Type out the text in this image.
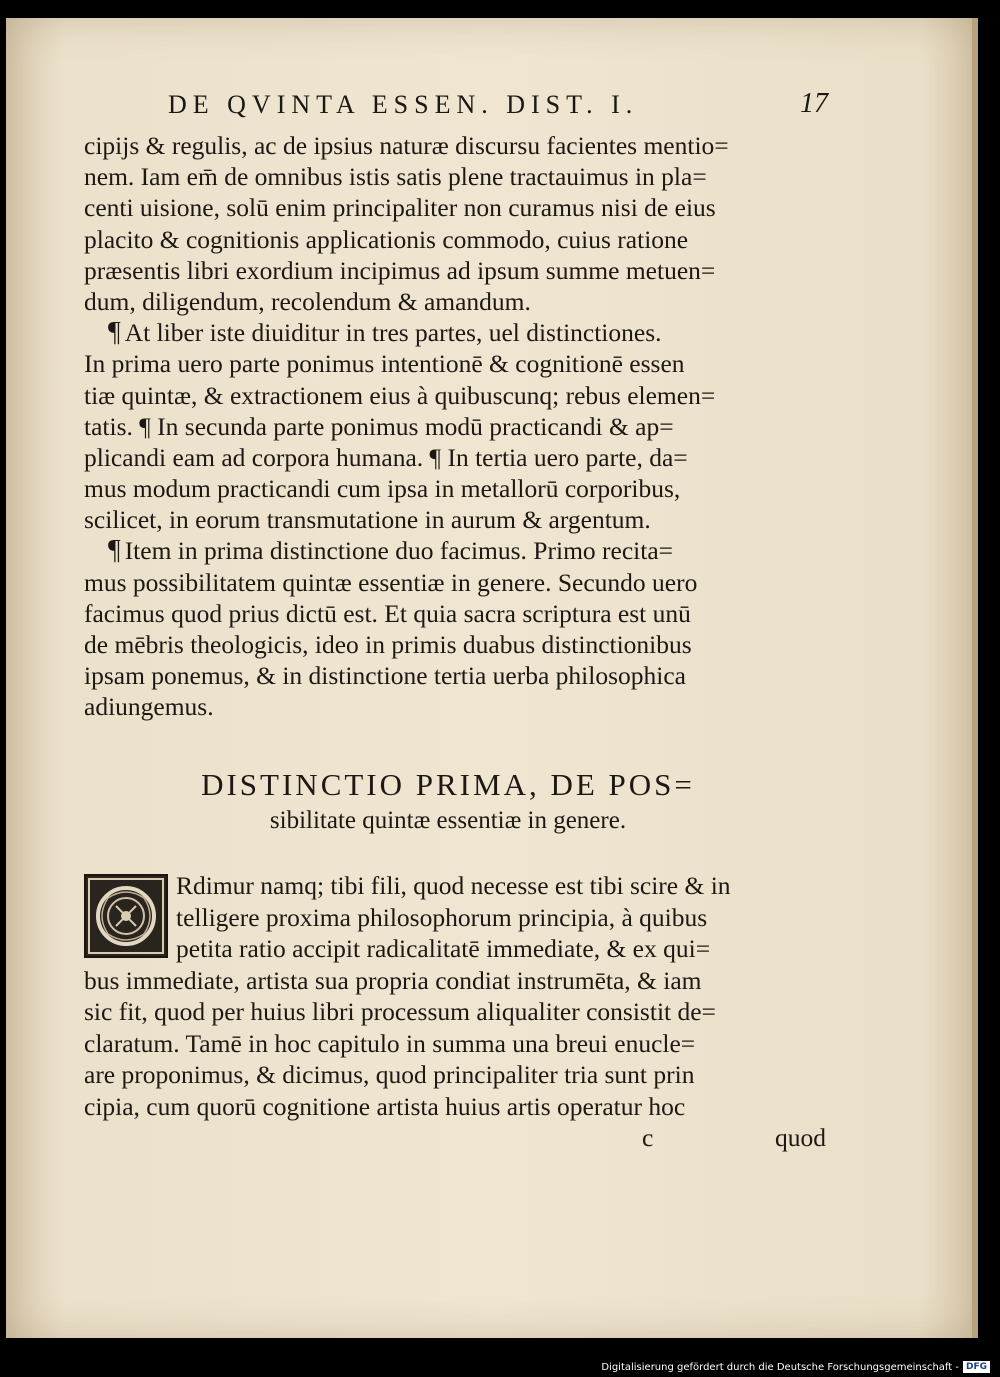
DE QVINTA ESSEN. DIST. I.	17
cipijs & regulis, ac de ipsius naturæ discursu facientes mentio=
nem. Iam em̄ de omnibus istis satis plene tractauimus in pla=
centi uisione, solū enim principaliter non curamus nisi de eius
placito & cognitionis applicationis commodo, cuius ratione
præsentis libri exordium incipimus ad ipsum summe metuen=
dum, diligendum, recolendum & amandum.
¶ At liber iste diuiditur in tres partes, uel distinctiones.
In prima uero parte ponimus intentionē & cognitionē essen
tiæ quintæ, & extractionem eius à quibuscunq; rebus elemen=
tatis. ¶ In secunda parte ponimus modū practicandi & ap=
plicandi eam ad corpora humana. ¶ In tertia uero parte, da=
mus modum practicandi cum ipsa in metallorū corporibus,
scilicet, in eorum transmutatione in aurum & argentum.
¶ Item in prima distinctione duo facimus. Primo recita=
mus possibilitatem quintæ essentiæ in genere. Secundo uero
facimus quod prius dictū est. Et quia sacra scriptura est unū
de mēbris theologicis, ideo in primis duabus distinctionibus
ipsam ponemus, & in distinctione tertia uerba philosophica
adiungemus.
DISTINCTIO PRIMA, DE POS=
sibilitate quintæ essentiæ in genere.
Rdimur namq; tibi fili, quod necesse est tibi scire & in
telligere proxima philosophorum principia, à quibus
petita ratio accipit radicalitatē immediate, & ex qui=
bus immediate, artista sua propria condiat instrumēta, & iam
sic fit, quod per huius libri processum aliqualiter consistit de=
claratum. Tamē in hoc capitulo in summa una breui enucle=
are proponimus, & dicimus, quod principaliter tria sunt prin
cipia, cum quorū cognitione artista huius artis operatur hoc
c	quod
Digitalisierung gefördert durch die Deutsche Forschungsgemeinschaft - DFG
